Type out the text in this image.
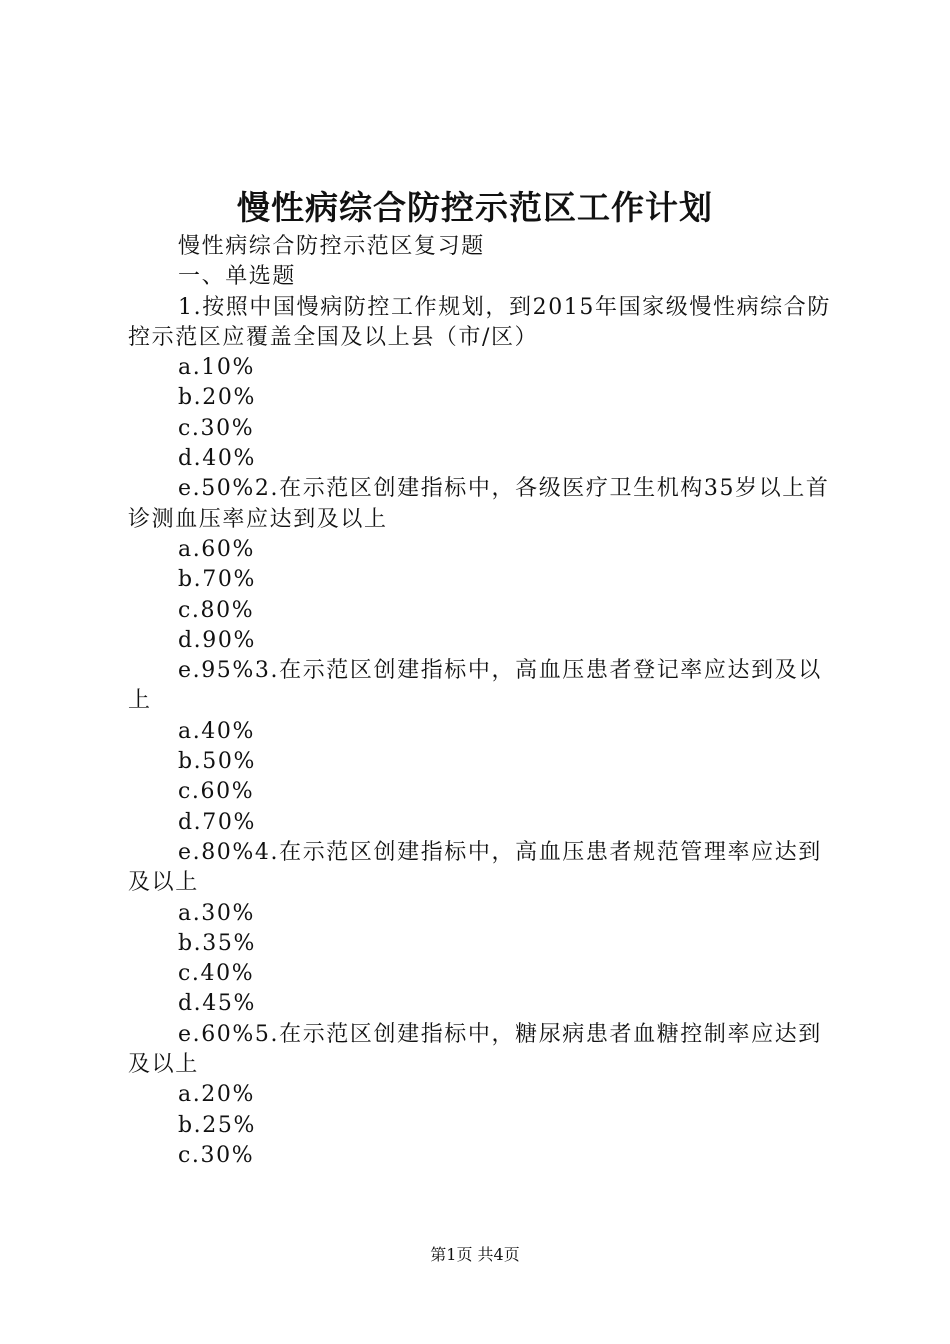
慢性病综合防控示范区工作计划

慢性病综合防控示范区复习题

一、单选题

1.按照中国慢病防控工作规划，到2015年国家级慢性病综合防控示范区应覆盖全国及以上县（市/区）

a.10%

b.20%

c.30%

d.40%

e.50%2.在示范区创建指标中，各级医疗卫生机构35岁以上首诊测血压率应达到及以上

a.60%

b.70%

c.80%

d.90%

e.95%3.在示范区创建指标中，高血压患者登记率应达到及以上

a.40%

b.50%

c.60%

d.70%

e.80%4.在示范区创建指标中，高血压患者规范管理率应达到及以上

a.30%

b.35%

c.40%

d.45%

e.60%5.在示范区创建指标中，糖尿病患者血糖控制率应达到及以上

a.20%

b.25%

c.30%

第1页 共4页
